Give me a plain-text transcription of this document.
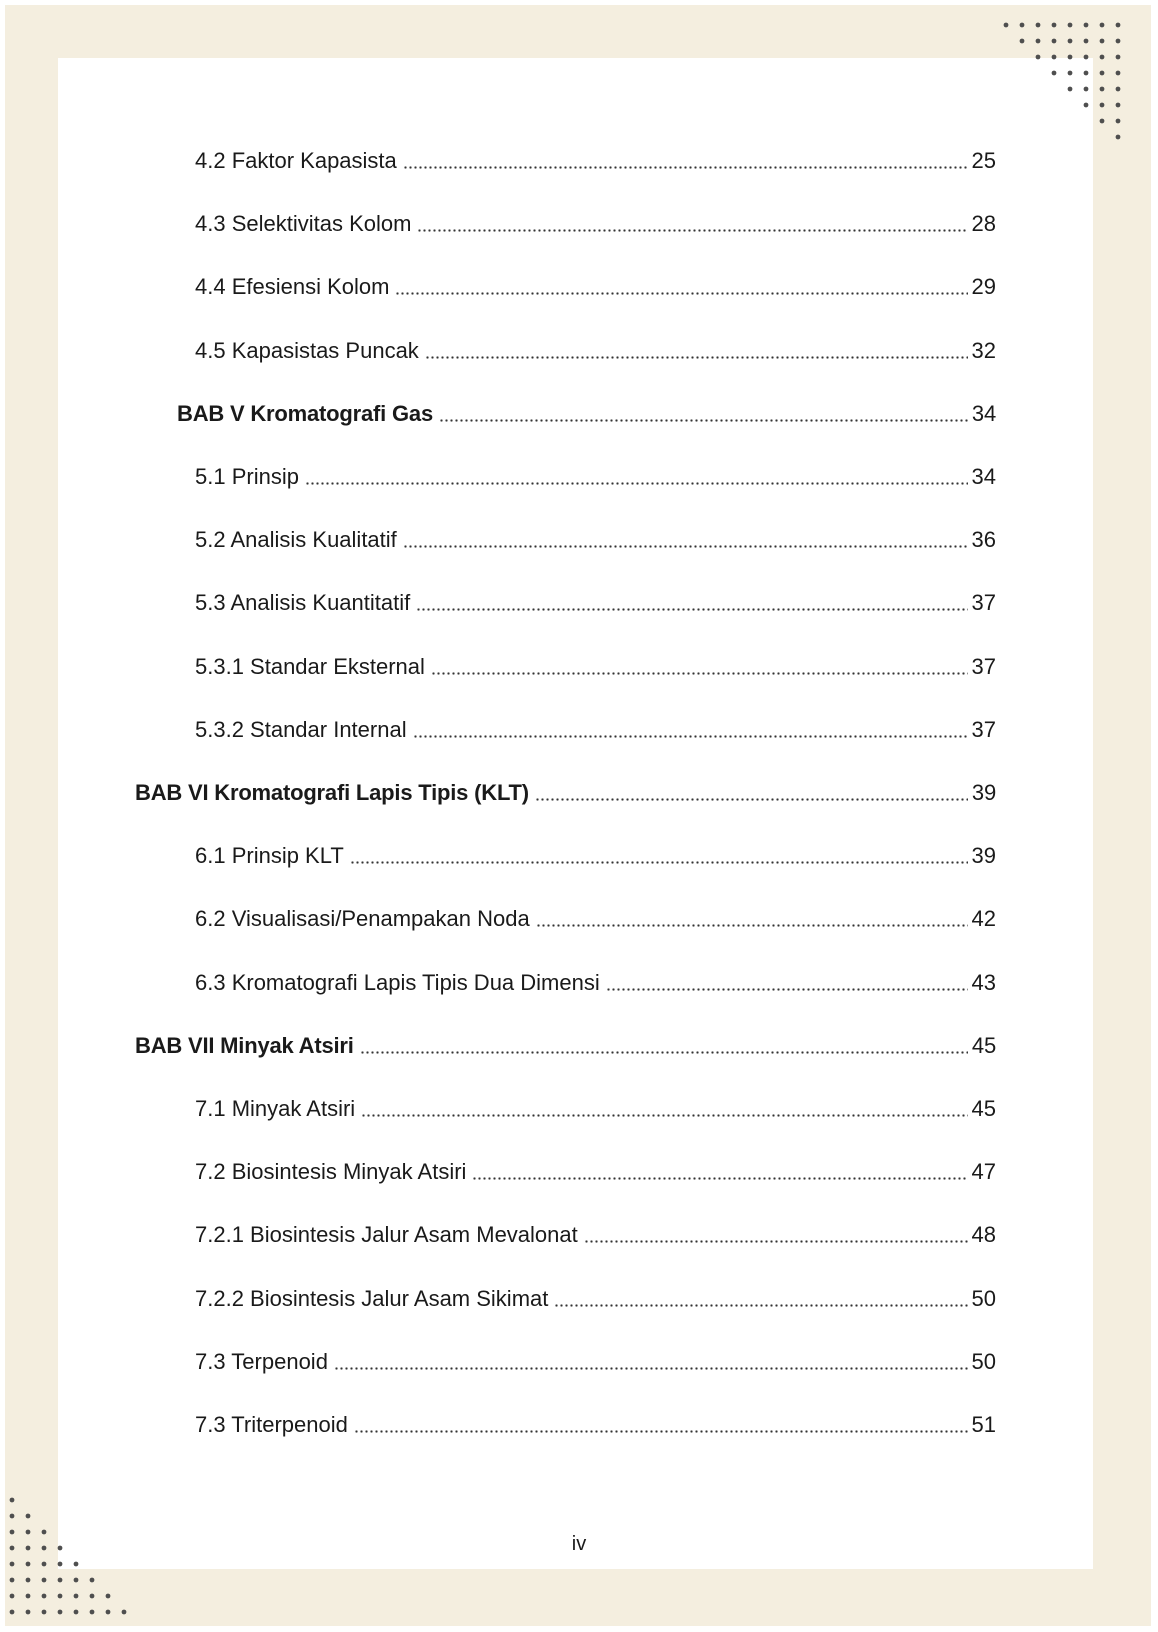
4.2 Faktor Kapasista	25
4.3 Selektivitas Kolom	28
4.4 Efesiensi Kolom	29
4.5 Kapasistas Puncak	32
BAB V Kromatografi Gas	34
5.1 Prinsip	34
5.2 Analisis Kualitatif	36
5.3 Analisis Kuantitatif	37
5.3.1 Standar Eksternal	37
5.3.2 Standar Internal	37
BAB VI Kromatografi Lapis Tipis (KLT)	39
6.1 Prinsip KLT	39
6.2 Visualisasi/Penampakan Noda	42
6.3 Kromatografi Lapis Tipis Dua Dimensi	43
BAB VII Minyak Atsiri	45
7.1 Minyak Atsiri	45
7.2 Biosintesis Minyak Atsiri	47
7.2.1 Biosintesis Jalur Asam Mevalonat	48
7.2.2 Biosintesis Jalur Asam Sikimat	50
7.3 Terpenoid	50
7.3 Triterpenoid	51
iv
